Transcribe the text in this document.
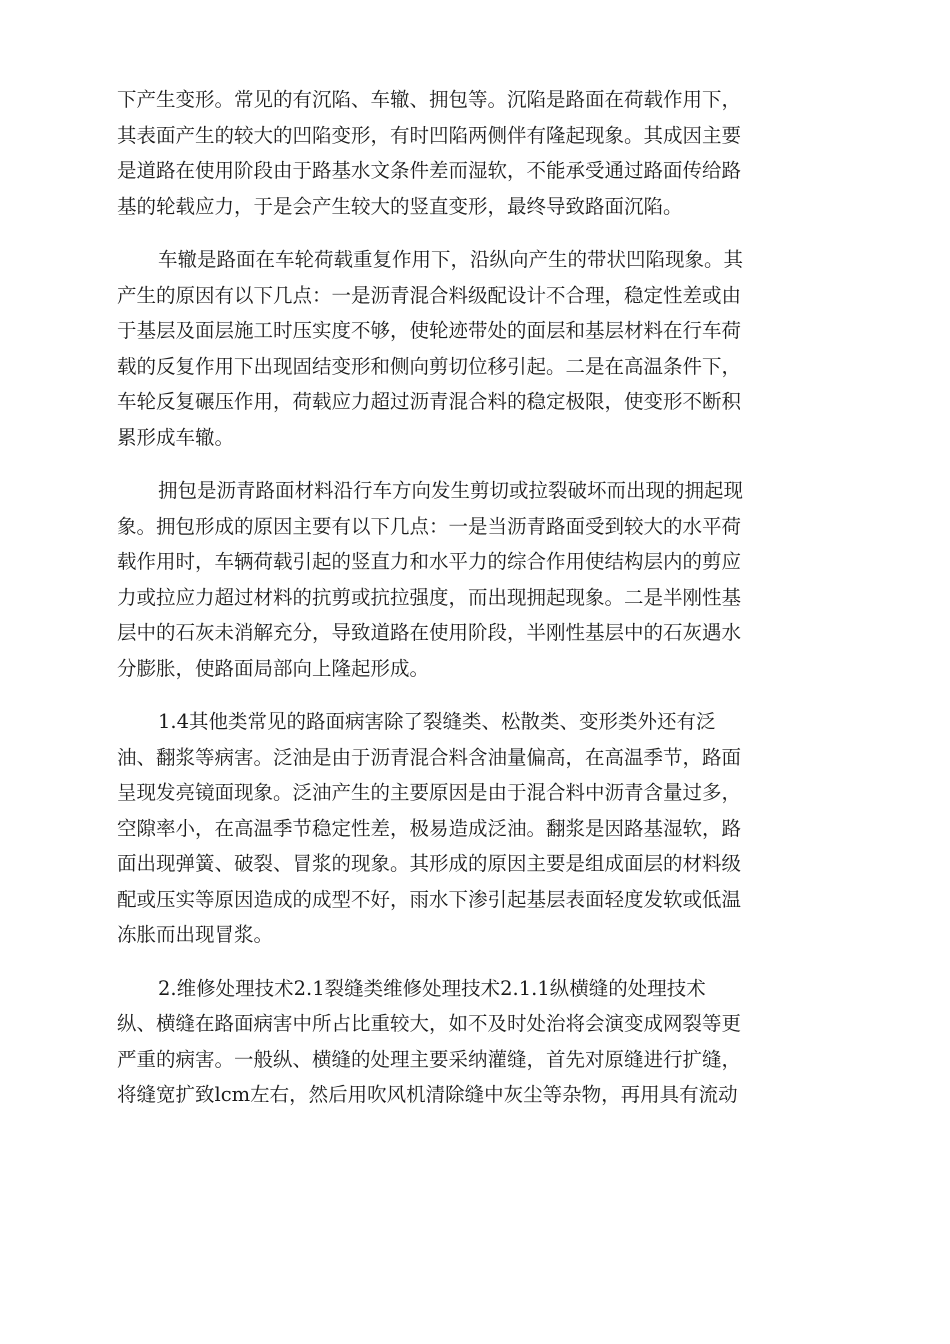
下产生变形。常见的有沉陷、车辙、拥包等。沉陷是路面在荷载作用下，
其表面产生的较大的凹陷变形，有时凹陷两侧伴有隆起现象。其成因主要
是道路在使用阶段由于路基水文条件差而湿软，不能承受通过路面传给路
基的轮载应力，于是会产生较大的竖直变形，最终导致路面沉陷。
车辙是路面在车轮荷载重复作用下，沿纵向产生的带状凹陷现象。其
产生的原因有以下几点：一是沥青混合料级配设计不合理，稳定性差或由
于基层及面层施工时压实度不够，使轮迹带处的面层和基层材料在行车荷
载的反复作用下出现固结变形和侧向剪切位移引起。二是在高温条件下，
车轮反复碾压作用，荷载应力超过沥青混合料的稳定极限，使变形不断积
累形成车辙。
拥包是沥青路面材料沿行车方向发生剪切或拉裂破坏而出现的拥起现
象。拥包形成的原因主要有以下几点：一是当沥青路面受到较大的水平荷
载作用时，车辆荷载引起的竖直力和水平力的综合作用使结构层内的剪应
力或拉应力超过材料的抗剪或抗拉强度，而出现拥起现象。二是半刚性基
层中的石灰未消解充分，导致道路在使用阶段，半刚性基层中的石灰遇水
分膨胀，使路面局部向上隆起形成。
1.4其他类常见的路面病害除了裂缝类、松散类、变形类外还有泛
油、翻浆等病害。泛油是由于沥青混合料含油量偏高，在高温季节，路面
呈现发亮镜面现象。泛油产生的主要原因是由于混合料中沥青含量过多，
空隙率小，在高温季节稳定性差，极易造成泛油。翻浆是因路基湿软，路
面出现弹簧、破裂、冒浆的现象。其形成的原因主要是组成面层的材料级
配或压实等原因造成的成型不好，雨水下渗引起基层表面轻度发软或低温
冻胀而出现冒浆。
2.维修处理技术2.1裂缝类维修处理技术2.1.1纵横缝的处理技术
纵、横缝在路面病害中所占比重较大，如不及时处治将会演变成网裂等更
严重的病害。一般纵、横缝的处理主要采纳灌缝，首先对原缝进行扩缝，
将缝宽扩致lcm左右，然后用吹风机清除缝中灰尘等杂物，再用具有流动
